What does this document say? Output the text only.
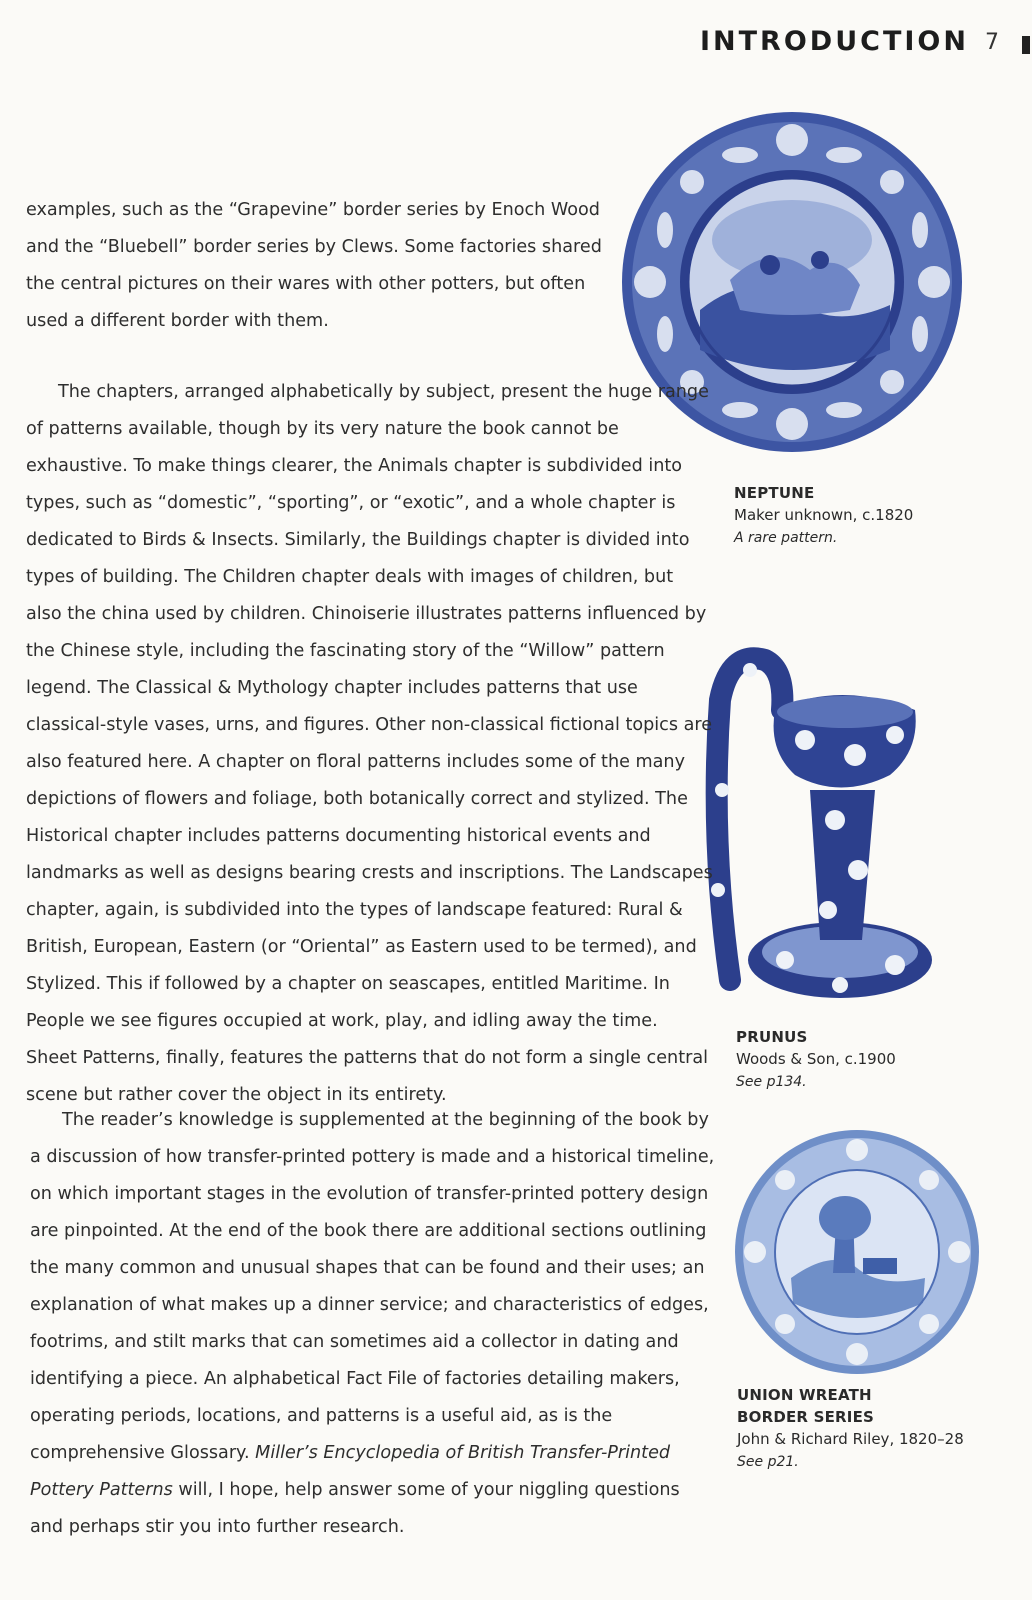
INTRODUCTION 7

examples, such as the “Grapevine” border series by Enoch Wood and the “Bluebell” border series by Clews. Some factories shared the central pictures on their wares with other potters, but often used a different border with them.

The chapters, arranged alphabetically by subject, present the huge range of patterns available, though by its very nature the book cannot be exhaustive. To make things clearer, the Animals chapter is subdivided into types, such as “domestic”, “sporting”, or “exotic”, and a whole chapter is dedicated to Birds & Insects. Similarly, the Buildings chapter is divided into types of building. The Children chapter deals with images of children, but also the china used by children. Chinoiserie illustrates patterns influenced by the Chinese style, including the fascinating story of the “Willow” pattern legend. The Classical & Mythology chapter includes patterns that use classical-style vases, urns, and figures. Other non-classical fictional topics are also featured here. A chapter on floral patterns includes some of the many depictions of flowers and foliage, both botanically correct and stylized. The Historical chapter includes patterns documenting historical events and landmarks as well as designs bearing crests and inscriptions. The Landscapes chapter, again, is subdivided into the types of landscape featured: Rural & British, European, Eastern (or “Oriental” as Eastern used to be termed), and Stylized. This if followed by a chapter on seascapes, entitled Maritime. In People we see figures occupied at work, play, and idling away the time. Sheet Patterns, finally, features the patterns that do not form a single central scene but rather cover the object in its entirety.

The reader’s knowledge is supplemented at the beginning of the book by a discussion of how transfer-printed pottery is made and a historical timeline, on which important stages in the evolution of transfer-printed pottery design are pinpointed. At the end of the book there are additional sections outlining the many common and unusual shapes that can be found and their uses; an explanation of what makes up a dinner service; and characteristics of edges, footrims, and stilt marks that can sometimes aid a collector in dating and identifying a piece. An alphabetical Fact File of factories detailing makers, operating periods, locations, and patterns is a useful aid, as is the comprehensive Glossary. Miller’s Encyclopedia of British Transfer-Printed Pottery Patterns will, I hope, help answer some of your niggling questions and perhaps stir you into further research.

NEPTUNE
Maker unknown, c.1820
A rare pattern.
PRUNUS
Woods & Son, c.1900
See p134.
UNION WREATH
BORDER SERIES
John & Richard Riley, 1820–28
See p21.
